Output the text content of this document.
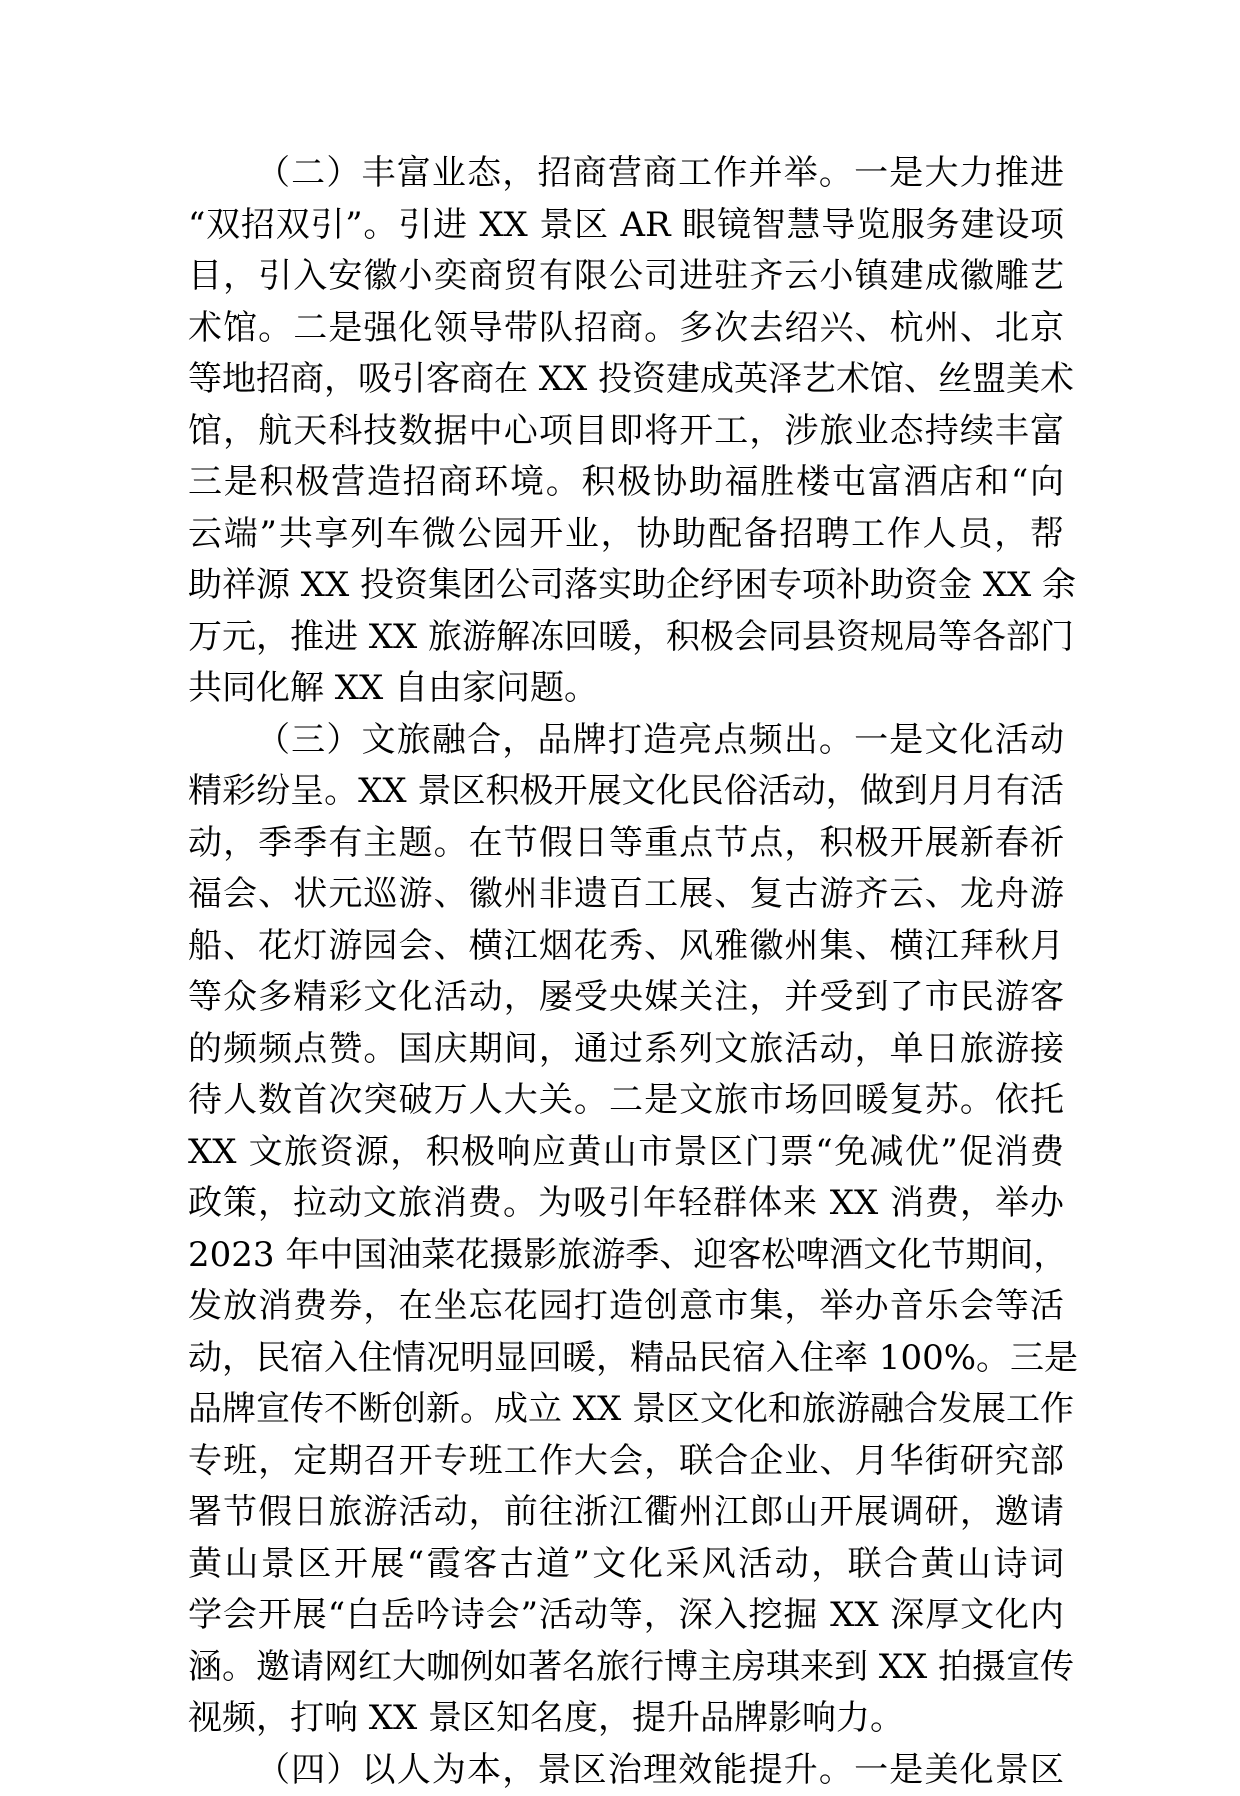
（二）丰富业态，招商营商工作并举。一是大力推进
“双招双引”。引进 XX 景区 AR 眼镜智慧导览服务建设项
目，引入安徽小奕商贸有限公司进驻齐云小镇建成徽雕艺
术馆。二是强化领导带队招商。多次去绍兴、杭州、北京
等地招商，吸引客商在 XX 投资建成英泽艺术馆、丝盟美术
馆，航天科技数据中心项目即将开工，涉旅业态持续丰富
三是积极营造招商环境。积极协助福胜楼屯富酒店和“向
云端”共享列车微公园开业，协助配备招聘工作人员，帮
助祥源 XX 投资集团公司落实助企纾困专项补助资金 XX 余
万元，推进 XX 旅游解冻回暖，积极会同县资规局等各部门
共同化解 XX 自由家问题。
（三）文旅融合，品牌打造亮点频出。一是文化活动
精彩纷呈。XX 景区积极开展文化民俗活动，做到月月有活
动，季季有主题。在节假日等重点节点，积极开展新春祈
福会、状元巡游、徽州非遗百工展、复古游齐云、龙舟游
船、花灯游园会、横江烟花秀、风雅徽州集、横江拜秋月
等众多精彩文化活动，屡受央媒关注，并受到了市民游客
的频频点赞。国庆期间，通过系列文旅活动，单日旅游接
待人数首次突破万人大关。二是文旅市场回暖复苏。依托
XX 文旅资源，积极响应黄山市景区门票“免减优”促消费
政策，拉动文旅消费。为吸引年轻群体来 XX 消费，举办
2023 年中国油菜花摄影旅游季、迎客松啤酒文化节期间，
发放消费券，在坐忘花园打造创意市集，举办音乐会等活
动，民宿入住情况明显回暖，精品民宿入住率 100%。三是
品牌宣传不断创新。成立 XX 景区文化和旅游融合发展工作
专班，定期召开专班工作大会，联合企业、月华街研究部
署节假日旅游活动，前往浙江衢州江郎山开展调研，邀请
黄山景区开展“霞客古道”文化采风活动，联合黄山诗词
学会开展“白岳吟诗会”活动等，深入挖掘 XX 深厚文化内
涵。邀请网红大咖例如著名旅行博主房琪来到 XX 拍摄宣传
视频，打响 XX 景区知名度，提升品牌影响力。
（四）以人为本，景区治理效能提升。一是美化景区
